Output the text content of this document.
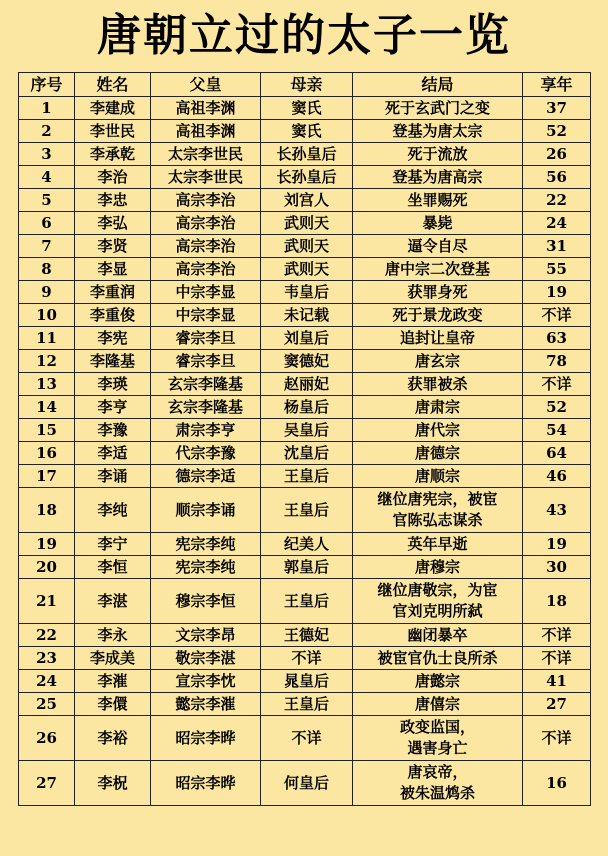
唐朝立过的太子一览
序号	姓名	父皇	母亲	结局	享年
1	李建成	高祖李渊	窦氏	死于玄武门之变	37
2	李世民	高祖李渊	窦氏	登基为唐太宗	52
3	李承乾	太宗李世民	长孙皇后	死于流放	26
4	李治	太宗李世民	长孙皇后	登基为唐高宗	56
5	李忠	高宗李治	刘宫人	坐罪赐死	22
6	李弘	高宗李治	武则天	暴毙	24
7	李贤	高宗李治	武则天	逼令自尽	31
8	李显	高宗李治	武则天	唐中宗二次登基	55
9	李重润	中宗李显	韦皇后	获罪身死	19
10	李重俊	中宗李显	未记载	死于景龙政变	不详
11	李宪	睿宗李旦	刘皇后	追封让皇帝	63
12	李隆基	睿宗李旦	窦德妃	唐玄宗	78
13	李瑛	玄宗李隆基	赵丽妃	获罪被杀	不详
14	李亨	玄宗李隆基	杨皇后	唐肃宗	52
15	李豫	肃宗李亨	吴皇后	唐代宗	54
16	李适	代宗李豫	沈皇后	唐德宗	64
17	李诵	德宗李适	王皇后	唐顺宗	46
18	李纯	顺宗李诵	王皇后	继位唐宪宗，被宦
官陈弘志谋杀	43
19	李宁	宪宗李纯	纪美人	英年早逝	19
20	李恒	宪宗李纯	郭皇后	唐穆宗	30
21	李湛	穆宗李恒	王皇后	继位唐敬宗，为宦
官刘克明所弑	18
22	李永	文宗李昂	王德妃	幽闭暴卒	不详
23	李成美	敬宗李湛	不详	被宦官仇士良所杀	不详
24	李漼	宣宗李忱	晁皇后	唐懿宗	41
25	李儇	懿宗李漼	王皇后	唐僖宗	27
26	李裕	昭宗李晔	不详	政变监国，
遇害身亡	不详
27	李柷	昭宗李晔	何皇后	唐哀帝，
被朱温鸩杀	16
